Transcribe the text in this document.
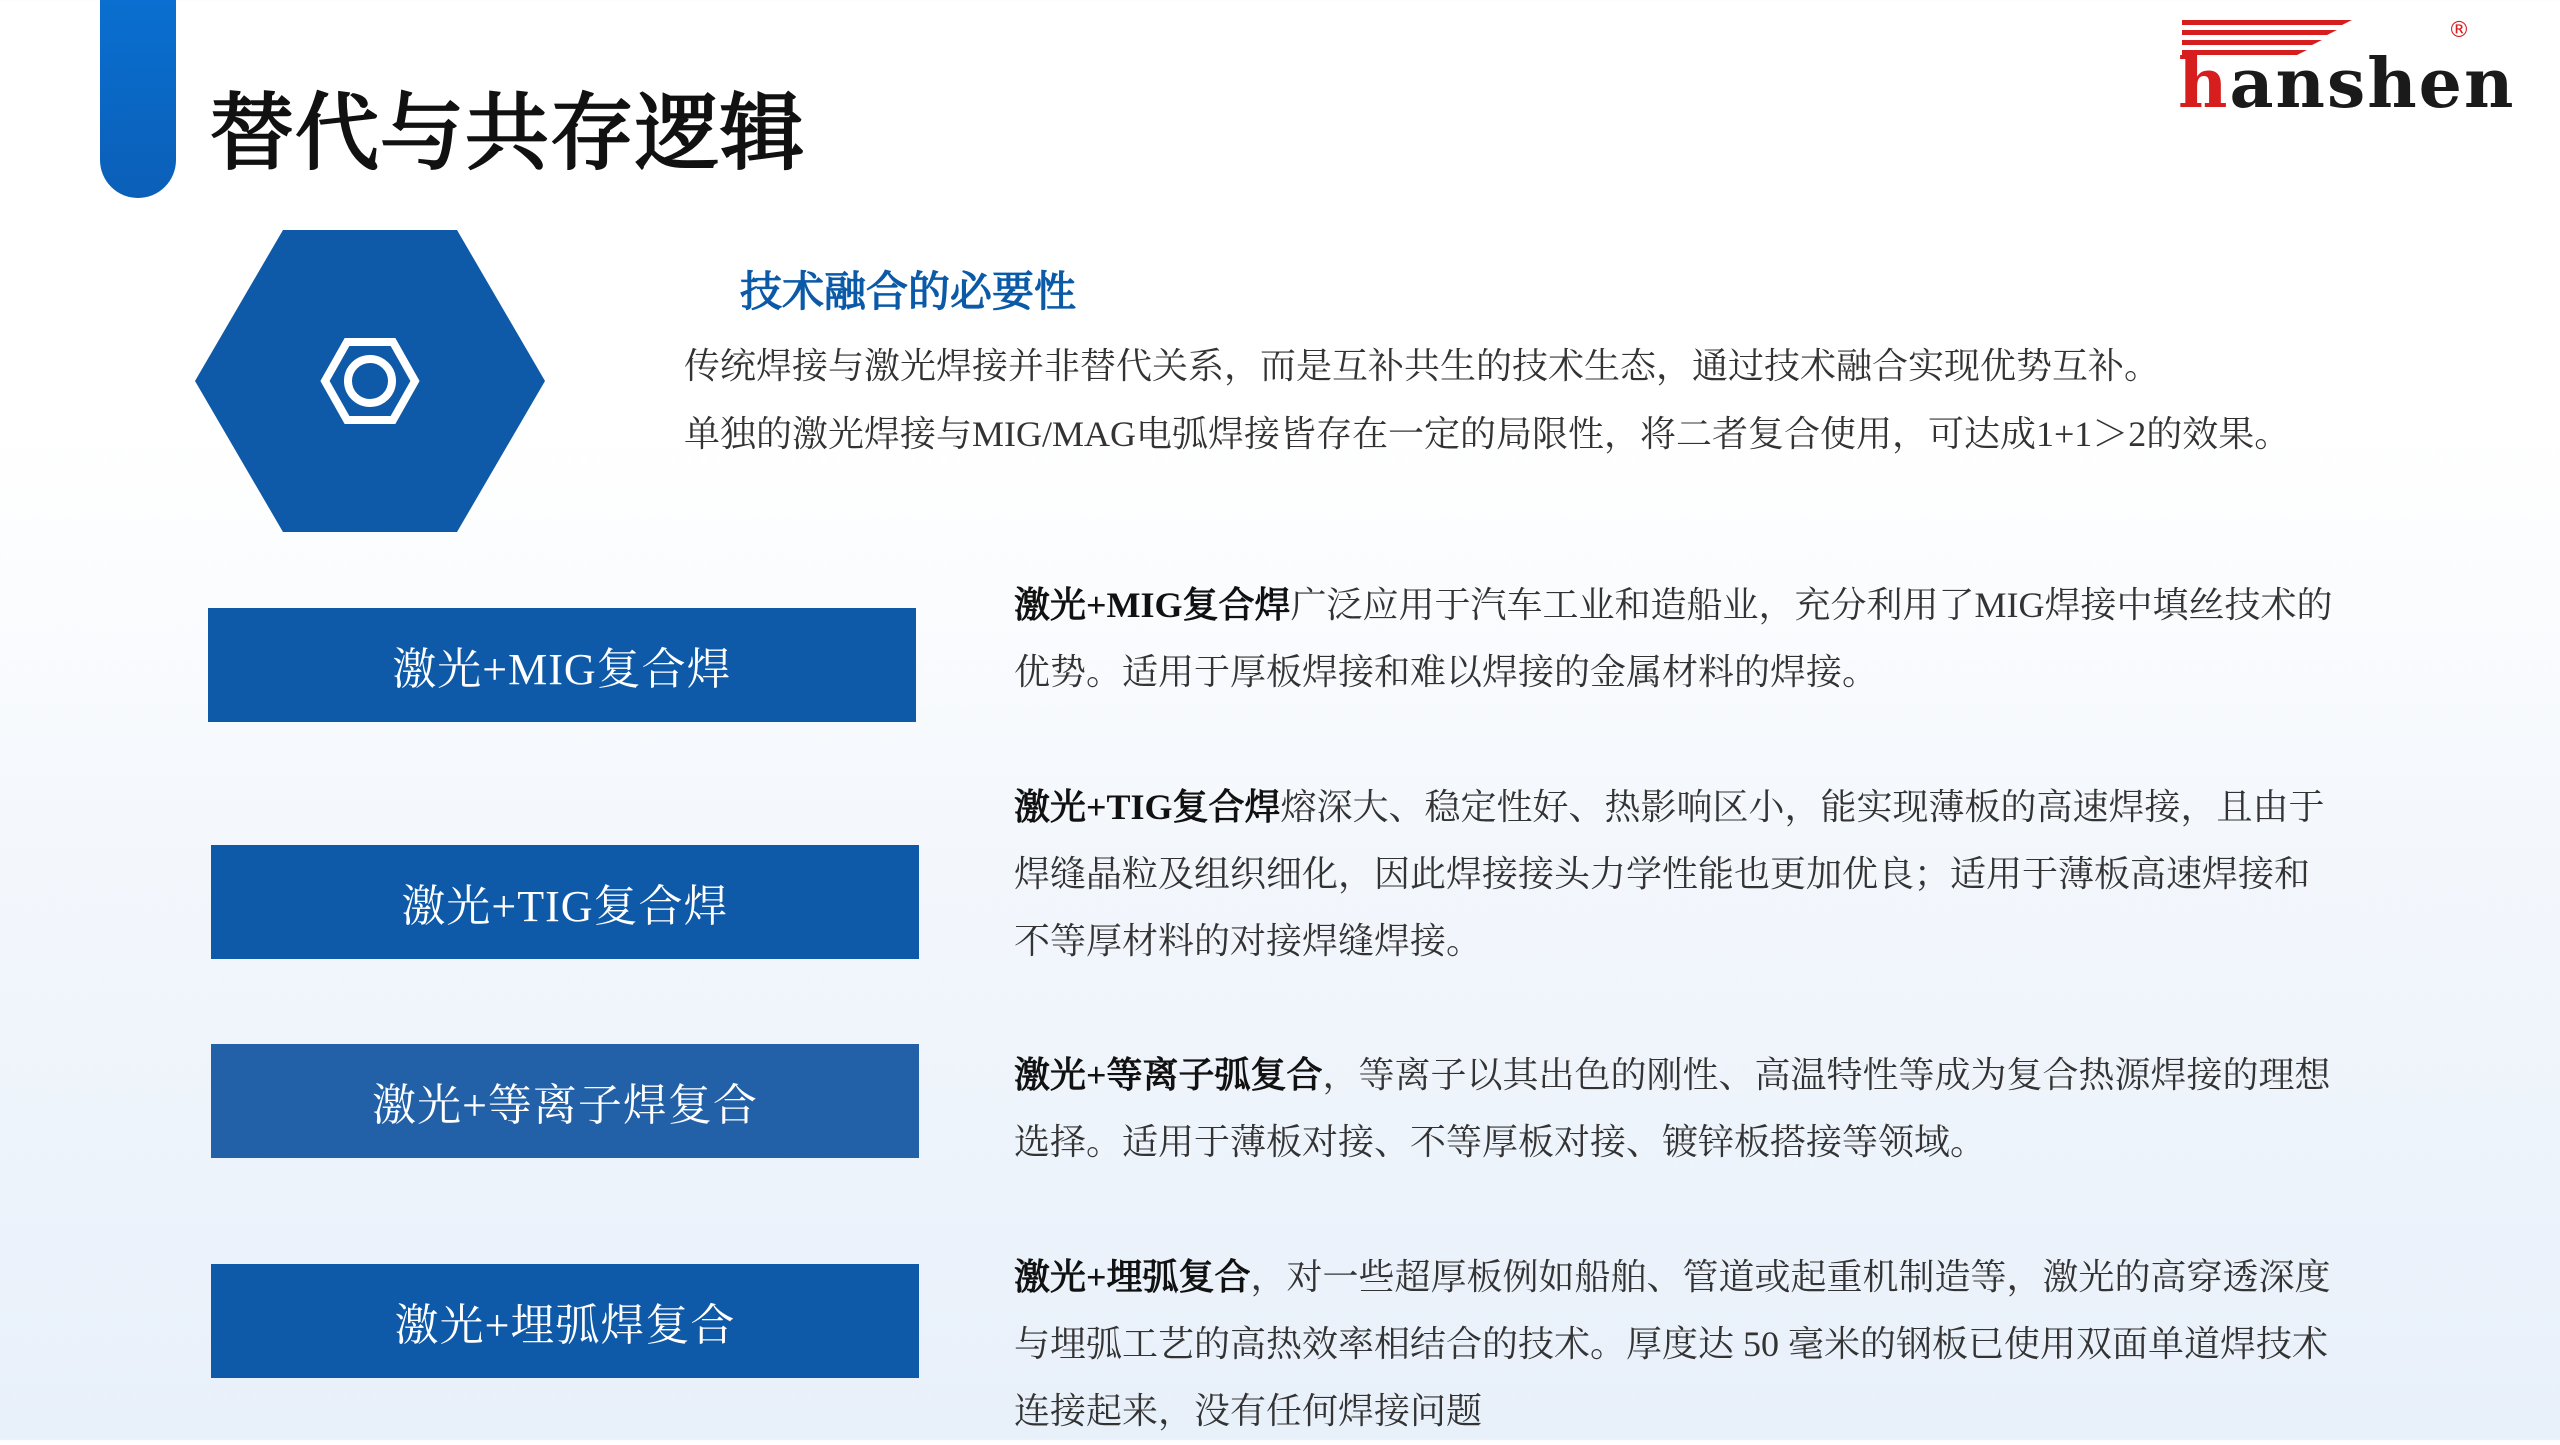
替代与共存逻辑	hanshen
®
技术融合的必要性

传统焊接与激光焊接并非替代关系，而是互补共生的技术生态，通过技术融合实现优势互补。

单独的激光焊接与MIG/MAG电弧焊接皆存在一定的局限性，将二者复合使用，可达成1+1＞2的效果。

激光+MIG复合焊
激光+MIG复合焊广泛应用于汽车工业和造船业，充分利用了MIG焊接中填丝技术的优势。适用于厚板焊接和难以焊接的金属材料的焊接。
激光+TIG复合焊
激光+TIG复合焊熔深大、稳定性好、热影响区小，能实现薄板的高速焊接，且由于焊缝晶粒及组织细化，因此焊接接头力学性能也更加优良；适用于薄板高速焊接和不等厚材料的对接焊缝焊接。
激光+等离子焊复合
激光+等离子弧复合，等离子以其出色的刚性、高温特性等成为复合热源焊接的理想选择。适用于薄板对接、不等厚板对接、镀锌板搭接等领域。
激光+埋弧焊复合
激光+埋弧复合，对一些超厚板例如船舶、管道或起重机制造等，激光的高穿透深度与埋弧工艺的高热效率相结合的技术。厚度达 50 毫米的钢板已使用双面单道焊技术连接起来，没有任何焊接问题
